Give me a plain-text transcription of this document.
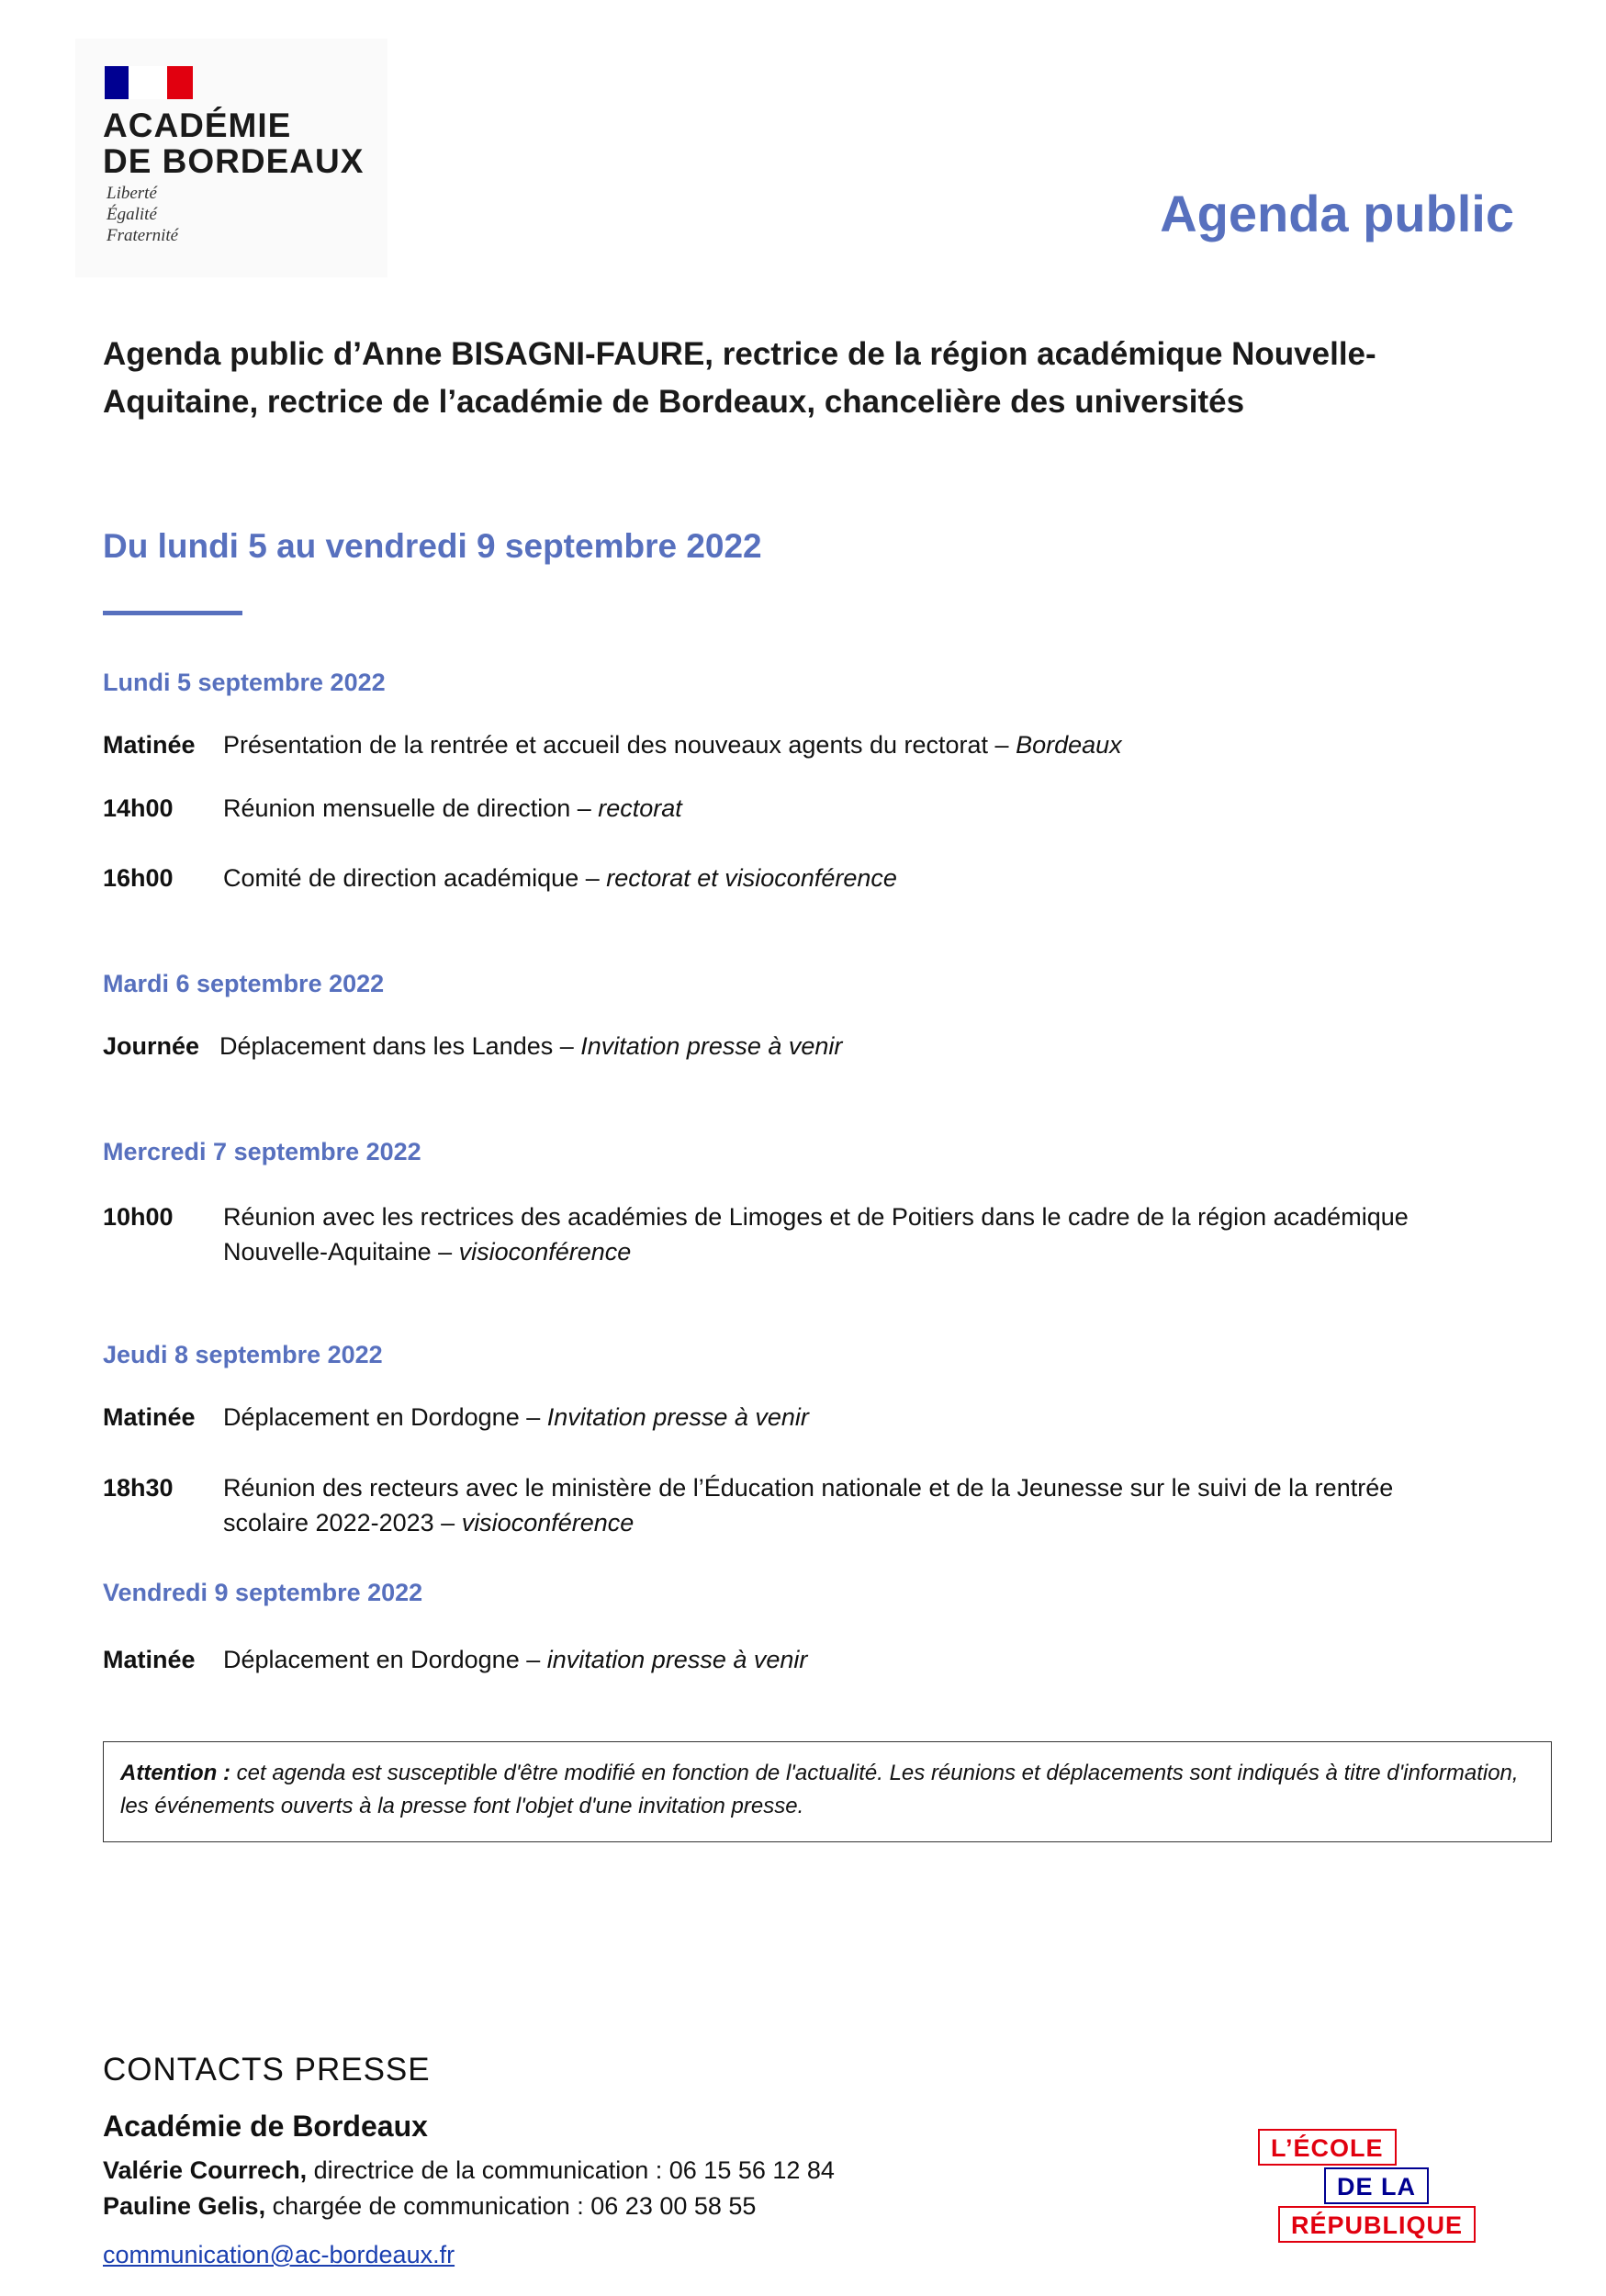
ACADÉMIE
DE BORDEAUX
Liberté
Égalité
Fraternité	Agenda public
Agenda public d’Anne BISAGNI-FAURE, rectrice de la région académique Nouvelle-Aquitaine, rectrice de l’académie de Bordeaux, chancelière des universités
Du lundi 5 au vendredi 9 septembre 2022
Lundi 5 septembre 2022
Matinée Présentation de la rentrée et accueil des nouveaux agents du rectorat – Bordeaux
14h00 Réunion mensuelle de direction – rectorat
16h00 Comité de direction académique – rectorat et visioconférence
Mardi 6 septembre 2022
Journée Déplacement dans les Landes – Invitation presse à venir
Mercredi 7 septembre 2022
10h00 Réunion avec les rectrices des académies de Limoges et de Poitiers dans le cadre de la région académique Nouvelle-Aquitaine – visioconférence
Jeudi 8 septembre 2022
Matinée Déplacement en Dordogne – Invitation presse à venir
18h30 Réunion des recteurs avec le ministère de l’Éducation nationale et de la Jeunesse sur le suivi de la rentrée scolaire 2022-2023 – visioconférence
Vendredi 9 septembre 2022
Matinée Déplacement en Dordogne – invitation presse à venir
Attention : cet agenda est susceptible d'être modifié en fonction de l'actualité. Les réunions et déplacements sont indiqués à titre d'information, les événements ouverts à la presse font l'objet d'une invitation presse.
CONTACTS PRESSE
Académie de Bordeaux
Valérie Courrech, directrice de la communication : 06 15 56 12 84
Pauline Gelis, chargée de communication : 06 23 00 58 55
communication@ac-bordeaux.fr
L’ÉCOLE
DE LA
RÉPUBLIQUE
